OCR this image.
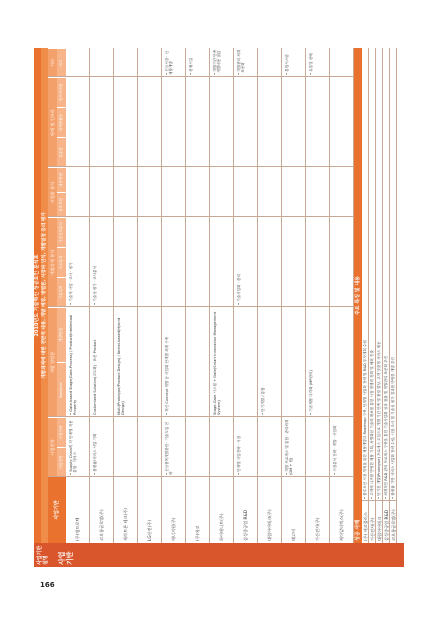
사업기반 설명 사업기반
2010년도 기술혁신 성공요인 분석표 개발과제에 대한 전반적 내용, 개발 배경, 방법론, 시장파 인식, 개발일정 등의 평가
사업기반
사업전략
개발 방법론
개발과제 분석
사업화 분석
판매 및 인프라
기타
사업전략
시장전략
Baseline
개발방법
기술특허
수요분석
시장규모분석
정부지원
내부역량
유통망
마케팅활동
인프라지원
비고
(주)엠프로텍
• Supply Chain의 각 단계별 적용 · 통합 · 서비스
• Gate-based Stage(Gate-Process) / Product/Intellectual Property
• 기술적 사업 · 조사 · 평가
코오롱글로벌(주)
• 플랫폼/서비스 사업 기획
Customized Solution(고도화) · 표준 Product
• 기술성 평가 · 조사분석
세라트론 테크(주)
Multi(Prototype/Product Design) / Nortel-based(Hybrid Design)
LG산전(주)	에너지원(주)
• 신규품목개발관련 · 기술도입 전략
• 혁신 Concept 개발 등 사업화 단계별 체계 구축
• 신규시장 · 신제품개발
(주)에코
• 판매시설
하이테니트(주)
Stage-Gate 시스템 + Gate(Smart Innovation Management System)
• 개발기간 단축 · 개발비용 절감
삼성중공업 R&D
• 단계별 사업전략 · 시장
• 기술사업화 · 관리
• 개발관리 체계 · 표준화
대림아이테크(주)
• 단기개발 / 통합
태고비
• 개발 프로세스 및 통합 · 관리체계 (GM + 팀)
• 통합시스템
가산전자(주)
• 기존제품 다각화 (MP관리)
• 유통망 판매
케이알티엑스(주)
• 시장분석 전략 · 개발 · 사업화
성공 사례
주요 특징 및 내용
(주) 에코플러스
• 블루오션 시장 개척을 위한 제품개발과 Roadmap 구축, 단계별 사업화 전략 및 R&D 투자계획 수립
가산전자(주)
• 고객의 니즈를 반영한 제품 기획, 차별화된 기술력 확보를 통한 시장 경쟁력 강화 및 해외 진출
대림아이테크
• 단기간 개발(Prototype) 프로세스 도입으로 개발 기간 단축 및 품질 향상, 고객 맞춤형 서비스 제공
삼성중공업 R&D
• 체계적인 R&D 관리 프로세스 구축을 통한 기술사업화 성과 창출 및 개발관리 표준화 추진
코오롱글로벌(주)
• 플랫폼 기반 서비스 사업화 전략 수립, 시장 조사 및 기술성 평가 결과를 반영한 개발 추진
166
